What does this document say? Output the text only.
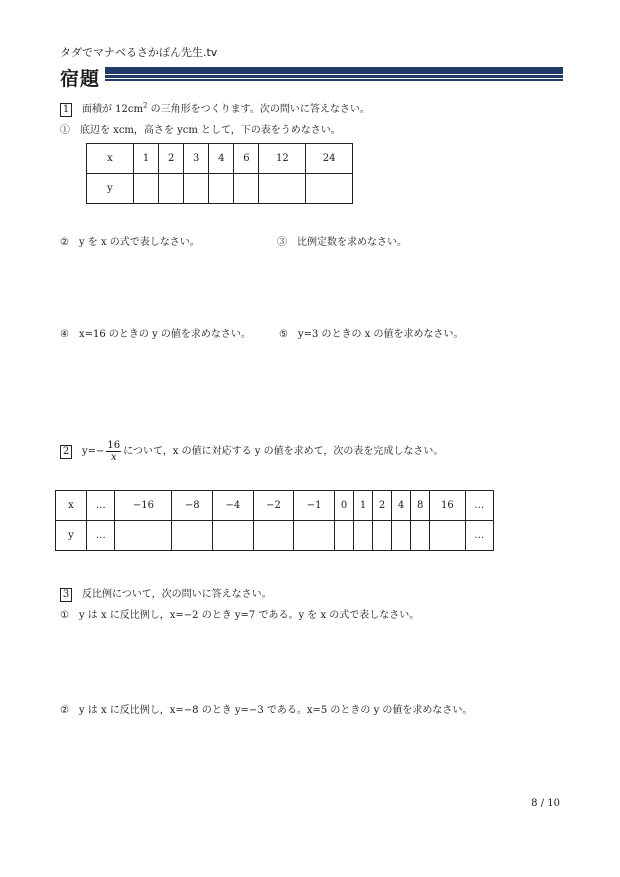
タダでマナベるさかぽん先生.tv
宿題
1 面積が $12cm^2$ の三角形をつくります。次の問いに答えなさい。
①　底辺を xcm，高さを ycm として，下の表をうめなさい。
x	1	2	3	4	6	12	24
y							
②　y を x の式で表しなさい。	③　比例定数を求めなさい。
④　x=16 のときの y の値を求めなさい。	⑤　y=3 のときの x の値を求めなさい。
2 $y=- \frac{16}{x}$ について，x の値に対応する y の値を求めて，次の表を完成しなさい。
x	…	−16	−8	−4	−2	−1	0	1	2	4	8	16	…
y	…												…
3 反比例について，次の問いに答えなさい。
①　y は x に反比例し，x=−2 のとき y=7 である。y を x の式で表しなさい。
②　y は x に反比例し，x=−8 のとき y=−3 である。x=5 のときの y の値を求めなさい。
8 / 10
